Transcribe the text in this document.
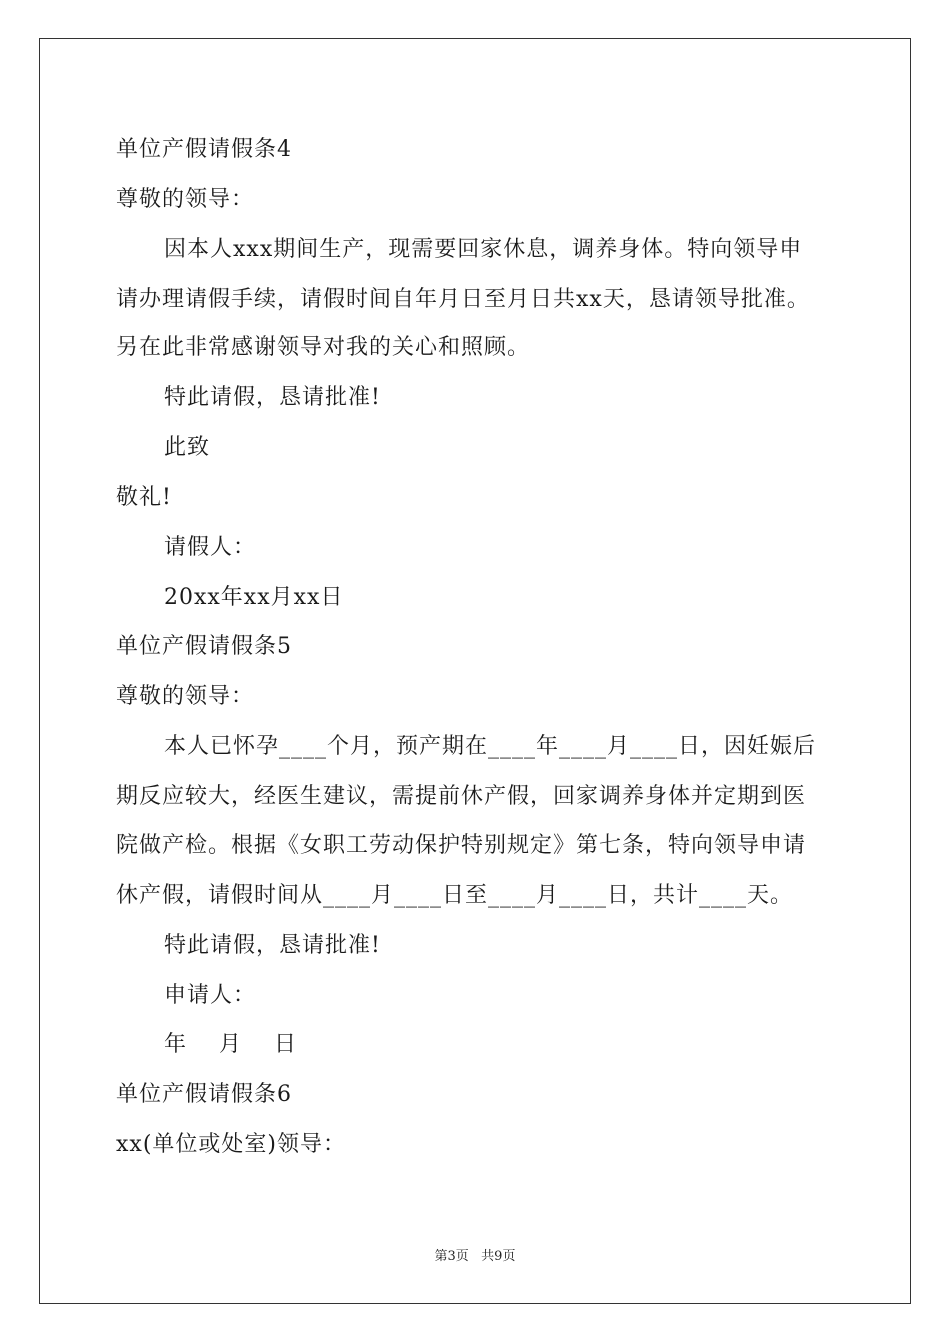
单位产假请假条4
尊敬的领导：
因本人xxx期间生产，现需要回家休息，调养身体。特向领导申
请办理请假手续，请假时间自年月日至月日共xx天，恳请领导批准。
另在此非常感谢领导对我的关心和照顾。
特此请假，恳请批准!
此致
敬礼!
请假人：
20xx年xx月xx日
单位产假请假条5
尊敬的领导：
本人已怀孕____个月，预产期在____年____月____日，因妊娠后
期反应较大，经医生建议，需提前休产假，回家调养身体并定期到医
院做产检。根据《女职工劳动保护特别规定》第七条，特向领导申请
休产假，请假时间从____月____日至____月____日，共计____天。
特此请假，恳请批准!
申请人：
年    月    日
单位产假请假条6
xx(单位或处室)领导：
第3页   共9页
